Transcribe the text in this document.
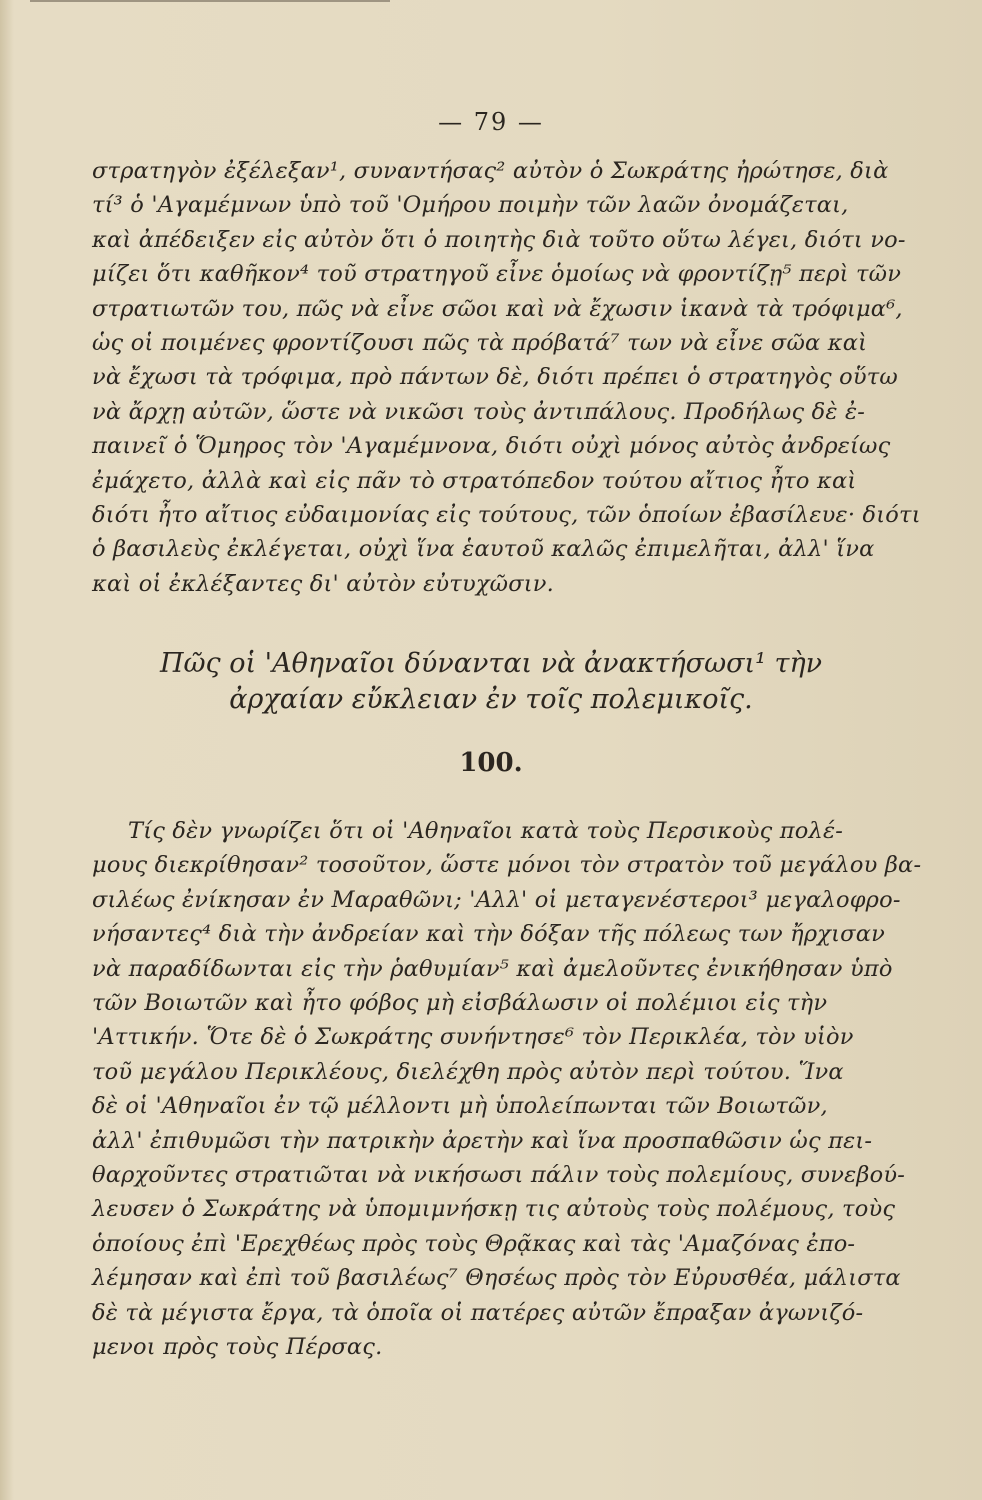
— 79 —
στρατηγὸν ἐξέλεξαν¹, συναντήσας² αὐτὸν ὁ Σωκράτης ἠρώτησε, διὰ
τί³ ὁ 'Αγαμέμνων ὑπὸ τοῦ 'Ομήρου ποιμὴν τῶν λαῶν ὀνομάζεται,
καὶ ἀπέδειξεν εἰς αὐτὸν ὅτι ὁ ποιητὴς διὰ τοῦτο οὕτω λέγει, διότι νο-
μίζει ὅτι καθῆκον⁴ τοῦ στρατηγοῦ εἶνε ὁμοίως νὰ φροντίζῃ⁵ περὶ τῶν
στρατιωτῶν του, πῶς νὰ εἶνε σῶοι καὶ νὰ ἔχωσιν ἱκανὰ τὰ τρόφιμα⁶,
ὡς οἱ ποιμένες φροντίζουσι πῶς τὰ πρόβατά⁷ των νὰ εἶνε σῶα καὶ
νὰ ἔχωσι τὰ τρόφιμα, πρὸ πάντων δὲ, διότι πρέπει ὁ στρατηγὸς οὕτω
νὰ ἄρχῃ αὐτῶν, ὥστε νὰ νικῶσι τοὺς ἀντιπάλους. Προδήλως δὲ ἐ-
παινεῖ ὁ Ὅμηρος τὸν 'Αγαμέμνονα, διότι οὐχὶ μόνος αὐτὸς ἀνδρείως
ἐμάχετο, ἀλλὰ καὶ εἰς πᾶν τὸ στρατόπεδον τούτου αἴτιος ἦτο καὶ
διότι ἦτο αἴτιος εὐδαιμονίας εἰς τούτους, τῶν ὁποίων ἐβασίλευε· διότι
ὁ βασιλεὺς ἐκλέγεται, οὐχὶ ἵνα ἑαυτοῦ καλῶς ἐπιμελῆται, ἀλλ' ἵνα
καὶ οἱ ἐκλέξαντες δι' αὐτὸν εὐτυχῶσιν.
Πῶς οἱ 'Αθηναῖοι δύνανται νὰ ἀνακτήσωσι¹ τὴν
ἀρχαίαν εὔκλειαν ἐν τοῖς πολεμικοῖς.
100.
Τίς δὲν γνωρίζει ὅτι οἱ 'Αθηναῖοι κατὰ τοὺς Περσικοὺς πολέ-
μους διεκρίθησαν² τοσοῦτον, ὥστε μόνοι τὸν στρατὸν τοῦ μεγάλου βα-
σιλέως ἐνίκησαν ἐν Μαραθῶνι; 'Αλλ' οἱ μεταγενέστεροι³ μεγαλοφρο-
νήσαντες⁴ διὰ τὴν ἀνδρείαν καὶ τὴν δόξαν τῆς πόλεως των ἤρχισαν
νὰ παραδίδωνται εἰς τὴν ῥαθυμίαν⁵ καὶ ἀμελοῦντες ἐνικήθησαν ὑπὸ
τῶν Βοιωτῶν καὶ ἦτο φόβος μὴ εἰσβάλωσιν οἱ πολέμιοι εἰς τὴν
'Αττικήν. Ὅτε δὲ ὁ Σωκράτης συνήντησε⁶ τὸν Περικλέα, τὸν υἱὸν
τοῦ μεγάλου Περικλέους, διελέχθη πρὸς αὐτὸν περὶ τούτου. Ἵνα
δὲ οἱ 'Αθηναῖοι ἐν τῷ μέλλοντι μὴ ὑπολείπωνται τῶν Βοιωτῶν,
ἀλλ' ἐπιθυμῶσι τὴν πατρικὴν ἀρετὴν καὶ ἵνα προσπαθῶσιν ὡς πει-
θαρχοῦντες στρατιῶται νὰ νικήσωσι πάλιν τοὺς πολεμίους, συνεβού-
λευσεν ὁ Σωκράτης νὰ ὑπομιμνήσκῃ τις αὐτοὺς τοὺς πολέμους, τοὺς
ὁποίους ἐπὶ 'Ερεχθέως πρὸς τοὺς Θρᾷκας καὶ τὰς 'Αμαζόνας ἐπο-
λέμησαν καὶ ἐπὶ τοῦ βασιλέως⁷ Θησέως πρὸς τὸν Εὐρυσθέα, μάλιστα
δὲ τὰ μέγιστα ἔργα, τὰ ὁποῖα οἱ πατέρες αὐτῶν ἔπραξαν ἀγωνιζό-
μενοι πρὸς τοὺς Πέρσας.
